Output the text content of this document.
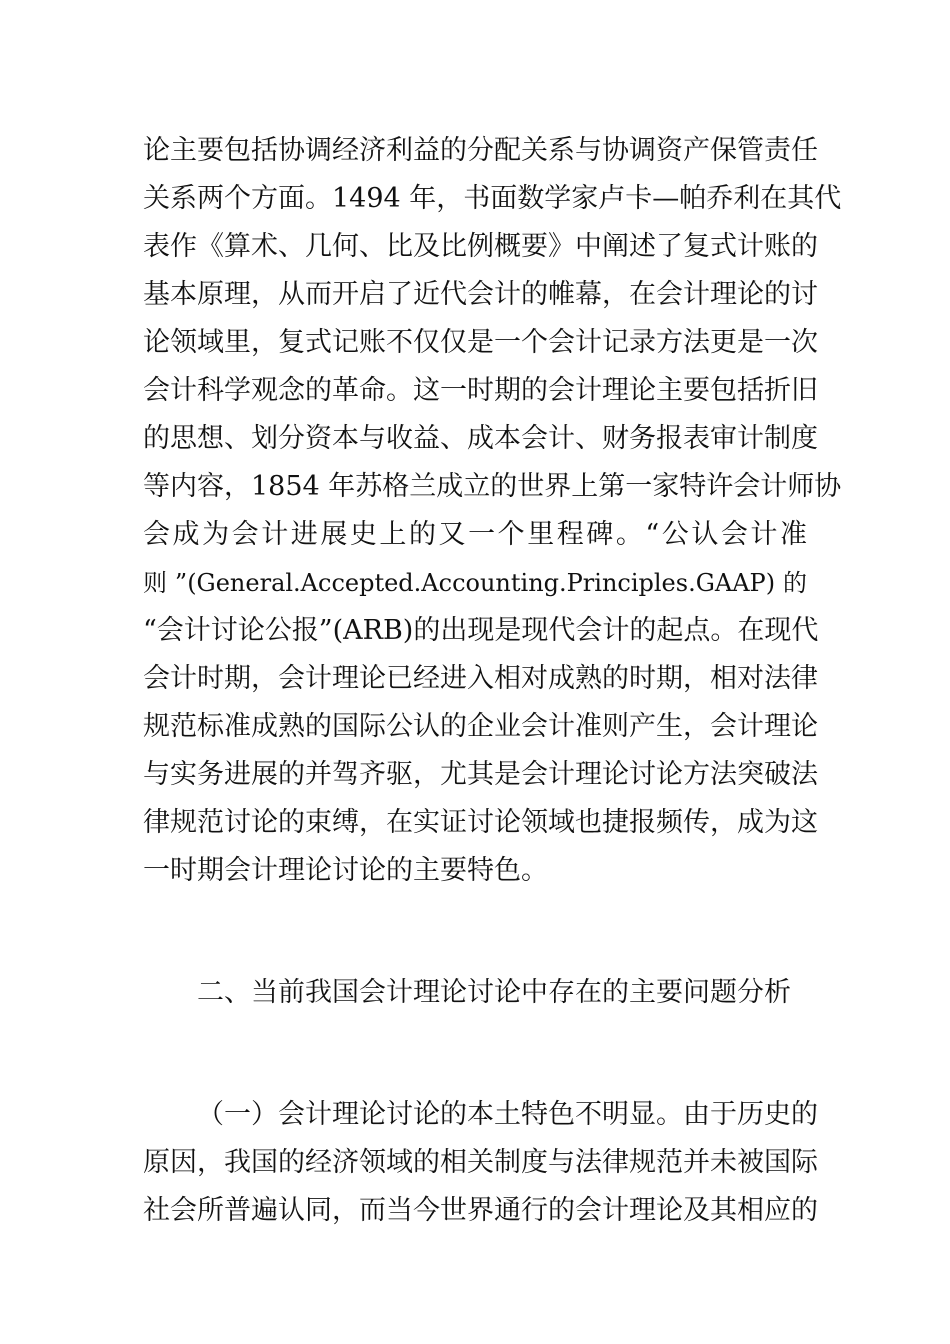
论主要包括协调经济利益的分配关系与协调资产保管责任
关系两个方面。1494 年，书面数学家卢卡—帕乔利在其代
表作《算术、几何、比及比例概要》中阐述了复式计账的
基本原理，从而开启了近代会计的帷幕，在会计理论的讨
论领域里，复式记账不仅仅是一个会计记录方法更是一次
会计科学观念的革命。这一时期的会计理论主要包括折旧
的思想、划分资本与收益、成本会计、财务报表审计制度
等内容，1854 年苏格兰成立的世界上第一家特许会计师协
会成为会计进展史上的又一个里程碑。“公认会计准
则”(General.Accepted.Accounting.Principles.GAAP)的
“会计讨论公报”(ARB)的出现是现代会计的起点。在现代
会计时期，会计理论已经进入相对成熟的时期，相对法律
规范标准成熟的国际公认的企业会计准则产生，会计理论
与实务进展的并驾齐驱，尤其是会计理论讨论方法突破法
律规范讨论的束缚，在实证讨论领域也捷报频传，成为这
一时期会计理论讨论的主要特色。
二、当前我国会计理论讨论中存在的主要问题分析
（一）会计理论讨论的本土特色不明显。由于历史的
原因，我国的经济领域的相关制度与法律规范并未被国际
社会所普遍认同，而当今世界通行的会计理论及其相应的
